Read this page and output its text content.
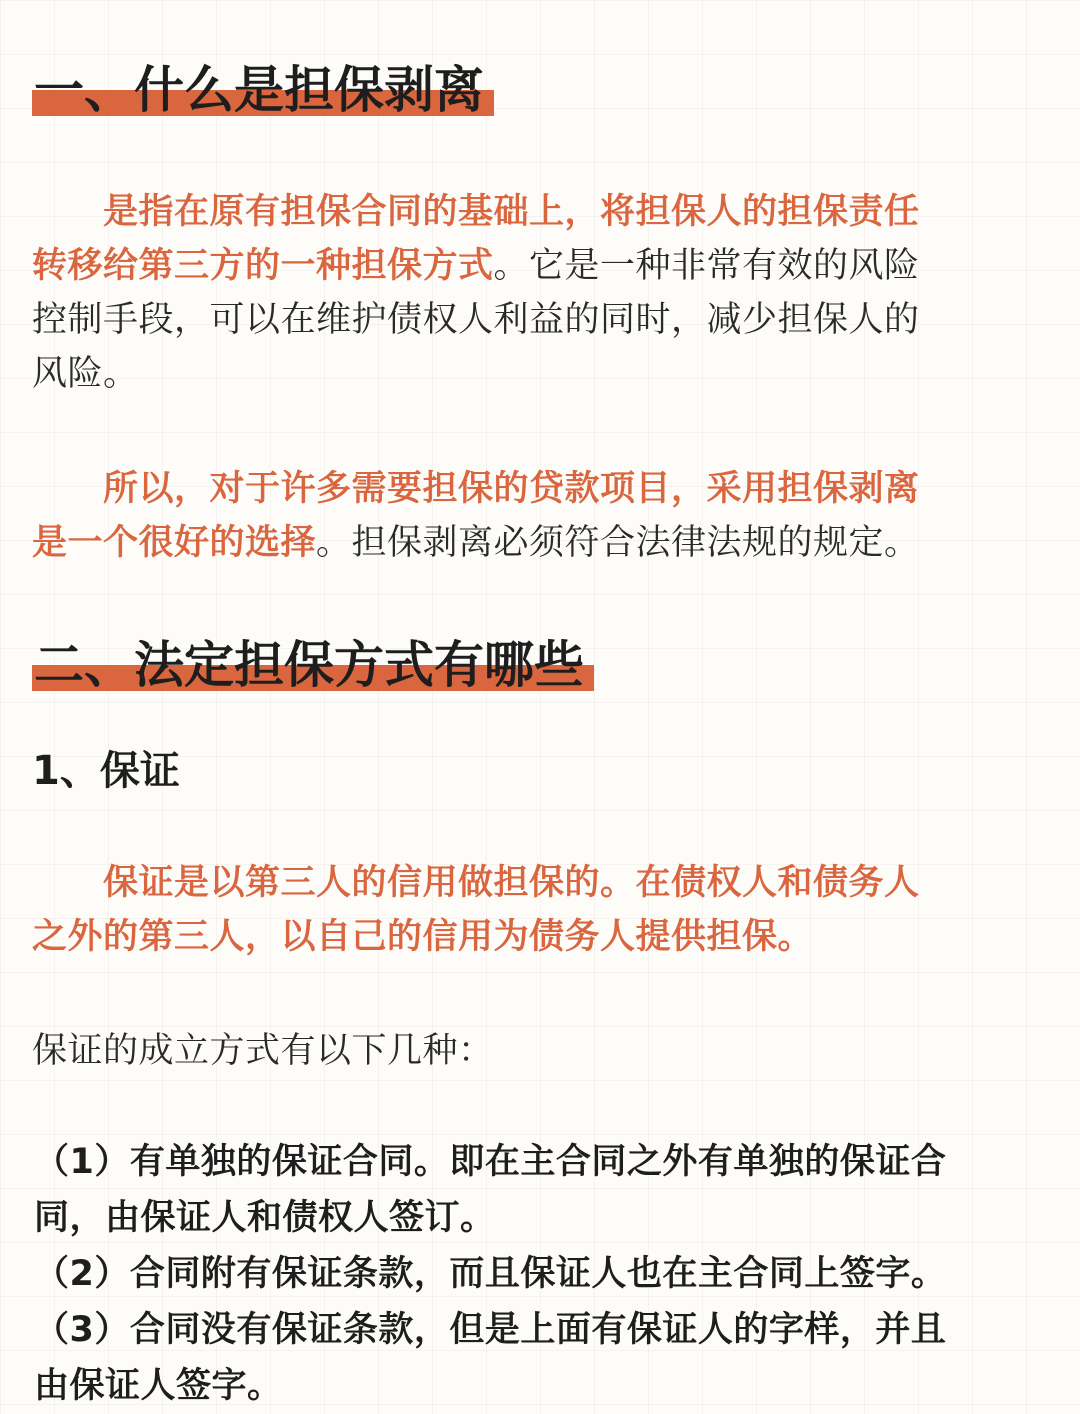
一、什么是担保剥离
　　是指在原有担保合同的基础上，将担保人的担保责任
转移给第三方的一种担保方式。它是一种非常有效的风险
控制手段，可以在维护债权人利益的同时，减少担保人的
风险。
　　所以，对于许多需要担保的贷款项目，采用担保剥离
是一个很好的选择。担保剥离必须符合法律法规的规定。
二、法定担保方式有哪些
1、保证
　　保证是以第三人的信用做担保的。在债权人和债务人
之外的第三人，以自己的信用为债务人提供担保。
保证的成立方式有以下几种：
（1）有单独的保证合同。即在主合同之外有单独的保证合
同，由保证人和债权人签订。
（2）合同附有保证条款，而且保证人也在主合同上签字。
（3）合同没有保证条款，但是上面有保证人的字样，并且
由保证人签字。
